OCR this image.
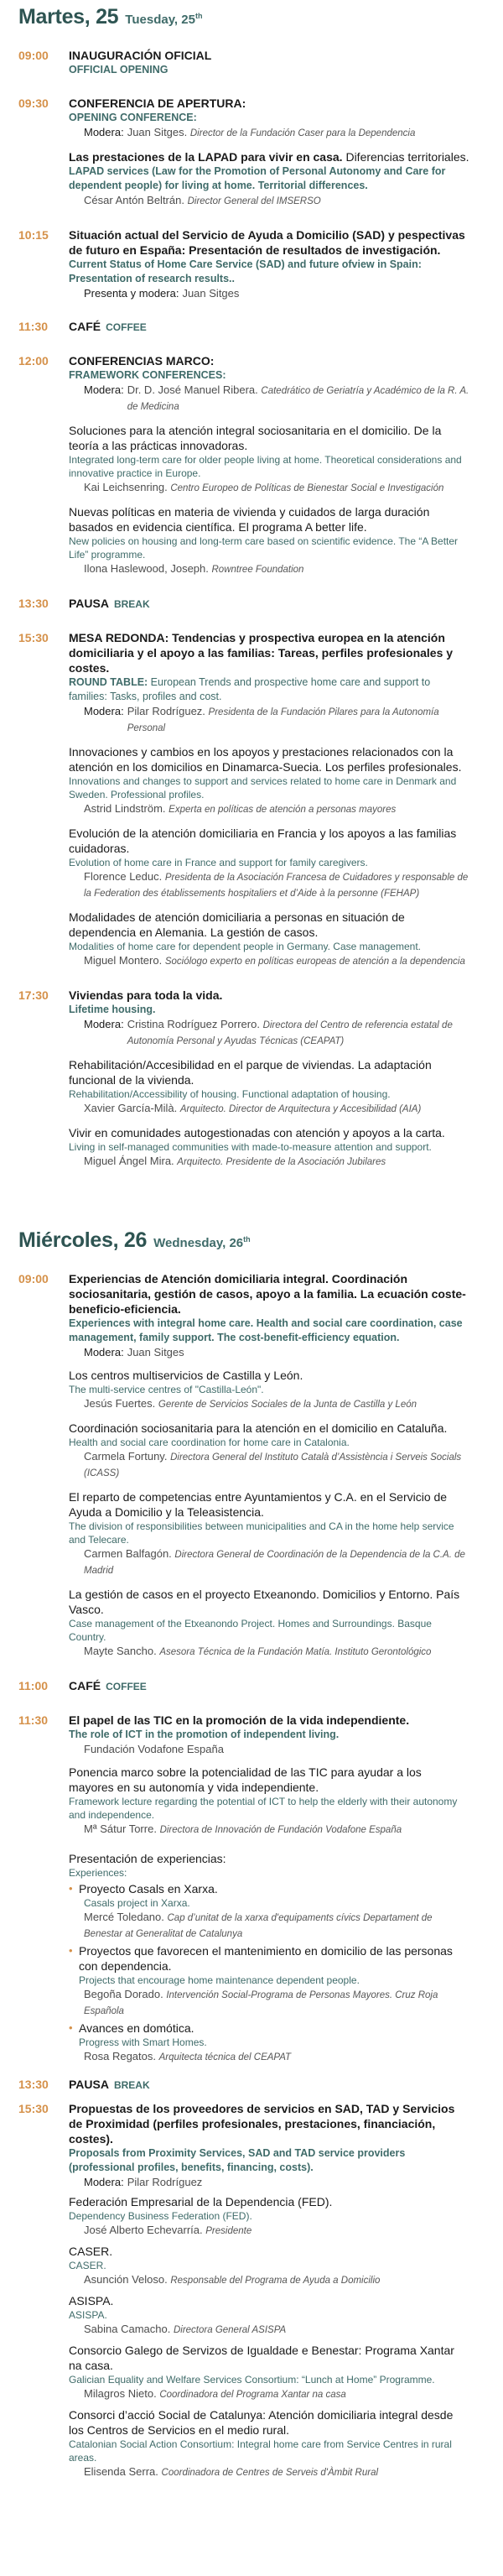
Martes, 25 Tuesday, 25th
09:00	INAUGURACIÓN OFICIAL
OFFICIAL OPENING
09:30	CONFERENCIA DE APERTURA:
OPENING CONFERENCE:
Modera: Juan Sitges. Director de la Fundación Caser para la Dependencia
Las prestaciones de la LAPAD para vivir en casa. Diferencias territoriales.
LAPAD services (Law for the Promotion of Personal Autonomy and Care for dependent people) for living at home. Territorial differences.
César Antón Beltrán. Director General del IMSERSO
10:15	Situación actual del Servicio de Ayuda a Domicilio (SAD) y pespectivas de futuro en España: Presentación de resultados de investigación.
Current Status of Home Care Service (SAD) and future ofview in Spain: Presentation of research results..
Presenta y modera: Juan Sitges
11:30	CAFÉ COFFEE
12:00	CONFERENCIAS MARCO:
FRAMEWORK CONFERENCES:
Modera: Dr. D. José Manuel Ribera. Catedrático de Geriatría y Académico de la R. A. de Medicina
Soluciones para la atención integral sociosanitaria en el domicilio. De la teoría a las prácticas innovadoras.
Integrated long-term care for older people living at home. Theoretical considerations and innovative practice in Europe.
Kai Leichsenring. Centro Europeo de Políticas de Bienestar Social e Investigación
Nuevas políticas en materia de vivienda y cuidados de larga duración basados en evidencia científica. El programa A better life.
New policies on housing and long-term care based on scientific evidence. The “A Better Life” programme.
Ilona Haslewood, Joseph. Rowntree Foundation
13:30	PAUSA BREAK
15:30	MESA REDONDA: Tendencias y prospectiva europea en la atención domiciliaria y el apoyo a las familias: Tareas, perfiles profesionales y costes.
ROUND TABLE: European Trends and prospective home care and support to families: Tasks, profiles and cost.
Modera: Pilar Rodríguez. Presidenta de la Fundación Pilares para la Autonomía Personal
Innovaciones y cambios en los apoyos y prestaciones relacionados con la atención en los domicilios en Dinamarca-Suecia. Los perfiles profesionales.
Innovations and changes to support and services related to home care in Denmark and Sweden. Professional profiles.
Astrid Lindström. Experta en políticas de atención a personas mayores
Evolución de la atención domiciliaria en Francia y los apoyos a las familias cuidadoras.
Evolution of home care in France and support for family caregivers.
Florence Leduc. Presidenta de la Asociación Francesa de Cuidadores y responsable de la Federation des établissements hospitaliers et d’Aide à la personne (FEHAP)
Modalidades de atención domiciliaria a personas en situación de dependencia en Alemania. La gestión de casos.
Modalities of home care for dependent people in Germany. Case management.
Miguel Montero. Sociólogo experto en políticas europeas de atención a la dependencia
17:30	Viviendas para toda la vida.
Lifetime housing.
Modera: Cristina Rodríguez Porrero. Directora del Centro de referencia estatal de Autonomía Personal y Ayudas Técnicas (CEAPAT)
Rehabilitación/Accesibilidad en el parque de viviendas. La adaptación funcional de la vivienda.
Rehabilitation/Accessibility of housing. Functional adaptation of housing.
Xavier García-Milà. Arquitecto. Director de Arquitectura y Accesibilidad (AIA)
Vivir en comunidades autogestionadas con atención y apoyos a la carta.
Living in self-managed communities with made-to-measure attention and support.
Miguel Ángel Mira. Arquitecto. Presidente de la Asociación Jubilares
Miércoles, 26 Wednesday, 26th
09:00	Experiencias de Atención domiciliaria integral. Coordinación sociosanitaria, gestión de casos, apoyo a la familia. La ecuación coste-beneficio-eficiencia.
Experiences with integral home care. Health and social care coordination, case management, family support. The cost-benefit-efficiency equation.
Modera: Juan Sitges
Los centros multiservicios de Castilla y León.
The multi-service centres of "Castilla-León".
Jesús Fuertes. Gerente de Servicios Sociales de la Junta de Castilla y León
Coordinación sociosanitaria para la atención en el domicilio en Cataluña.
Health and social care coordination for home care in Catalonia.
Carmela Fortuny. Directora General del Instituto Català d’Assistència i Serveis Socials (ICASS)
El reparto de competencias entre Ayuntamientos y C.A. en el Servicio de Ayuda a Domicilio y la Teleasistencia.
The division of responsibilities between municipalities and CA in the home help service and Telecare.
Carmen Balfagón. Directora General de Coordinación de la Dependencia de la C.A. de Madrid
La gestión de casos en el proyecto Etxeanondo. Domicilios y Entorno. País Vasco.
Case management of the Etxeanondo Project. Homes and Surroundings. Basque Country.
Mayte Sancho. Asesora Técnica de la Fundación Matía. Instituto Gerontológico
11:00	CAFÉ COFFEE
11:30	El papel de las TIC en la promoción de la vida independiente.
The role of ICT in the promotion of independent living.
Fundación Vodafone España
Ponencia marco sobre la potencialidad de las TIC para ayudar a los mayores en su autonomía y vida independiente.
Framework lecture regarding the potential of ICT to help the elderly with their autonomy and independence.
Mª Sátur Torre. Directora de Innovación de Fundación Vodafone España
Presentación de experiencias:
Experiences:
• Proyecto Casals en Xarxa.
Casals project in Xarxa.
Mercé Toledano. Cap d’unitat de la xarxa d'equipaments cívics Departament de Benestar at Generalitat de Catalunya
• Proyectos que favorecen el mantenimiento en domicilio de las personas con dependencia.
Projects that encourage home maintenance dependent people.
Begoña Dorado. Intervención Social-Programa de Personas Mayores. Cruz Roja Española
• Avances en domótica.
Progress with Smart Homes.
Rosa Regatos. Arquitecta técnica del CEAPAT
13:30	PAUSA BREAK
15:30	Propuestas de los proveedores de servicios en SAD, TAD y Servicios de Proximidad (perfiles profesionales, prestaciones, financiación, costes).
Proposals from Proximity Services, SAD and TAD service providers (professional profiles, benefits, financing, costs).
Modera: Pilar Rodríguez
Federación Empresarial de la Dependencia (FED).
Dependency Business Federation (FED).
José Alberto Echevarría. Presidente
CASER.
CASER.
Asunción Veloso. Responsable del Programa de Ayuda a Domicilio
ASISPA.
ASISPA.
Sabina Camacho. Directora General ASISPA
Consorcio Galego de Servizos de Igualdade e Benestar: Programa Xantar na casa.
Galician Equality and Welfare Services Consortium: “Lunch at Home” Programme.
Milagros Nieto. Coordinadora del Programa Xantar na casa
Consorci d’acció Social de Catalunya: Atención domiciliaria integral desde los Centros de Servicios en el medio rural.
Catalonian Social Action Consortium: Integral home care from Service Centres in rural areas.
Elisenda Serra. Coordinadora de Centres de Serveis d'Àmbit Rural
